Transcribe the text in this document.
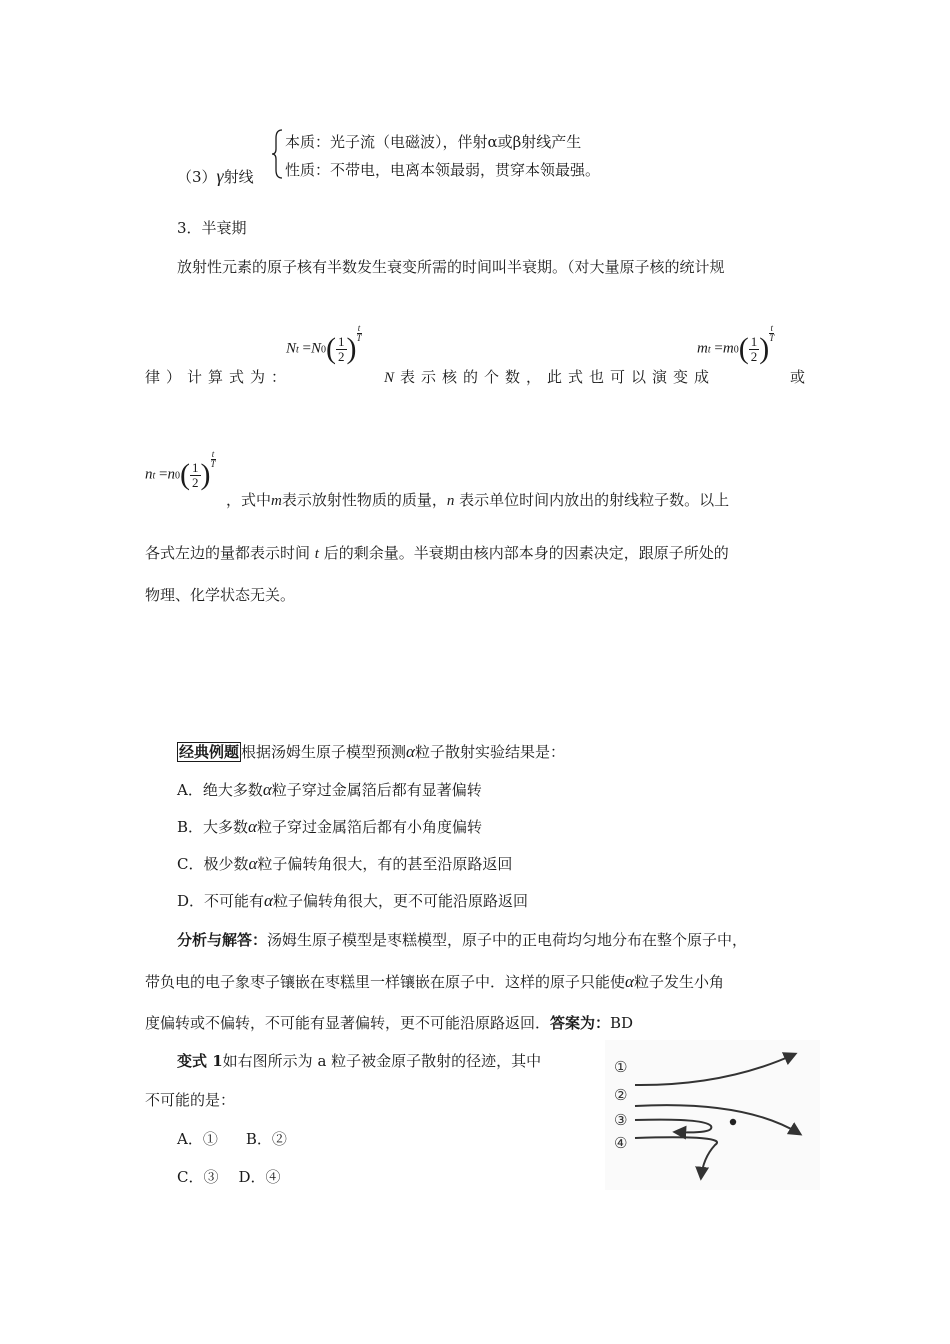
（3）γ射线
本质：光子流（电磁波），伴射α或β射线产生
性质：不带电，电离本领最弱，贯穿本领最强。
3．半衰期
放射性元素的原子核有半数发生衰变所需的时间叫半衰期。（对大量原子核的统计规
律）计算式为：
$Nt =N0( \frac{1}{2}$ ) $\frac{t}{T}$
N表示核的个数，此式也可以演变成
mt $=m0( \frac{1}{2}$ ) $\frac{t}{T}$
或
nt $=n0( \frac{1}{2}$ ) $\frac{t}{T}$
，式中m表示放射性物质的质量，n 表示单位时间内放出的射线粒子数。以上
各式左边的量都表示时间 t 后的剩余量。半衰期由核内部本身的因素决定，跟原子所处的
物理、化学状态无关。
经典例题 根据汤姆生原子模型预测α粒子散射实验结果是：
A．绝大多数α粒子穿过金属箔后都有显著偏转
B．大多数α粒子穿过金属箔后都有小角度偏转
C．极少数α粒子偏转角很大，有的甚至沿原路返回
D．不可能有α粒子偏转角很大，更不可能沿原路返回
分析与解答：汤姆生原子模型是枣糕模型，原子中的正电荷均匀地分布在整个原子中，
带负电的电子象枣子镶嵌在枣糕里一样镶嵌在原子中．这样的原子只能使α粒子发生小角
度偏转或不偏转，不可能有显著偏转，更不可能沿原路返回．答案为：BD
变式 1如右图所示为 a 粒子被金原子散射的径迹，其中
不可能的是：
A．① B．②
C．③ D．④
①
②
③
④
